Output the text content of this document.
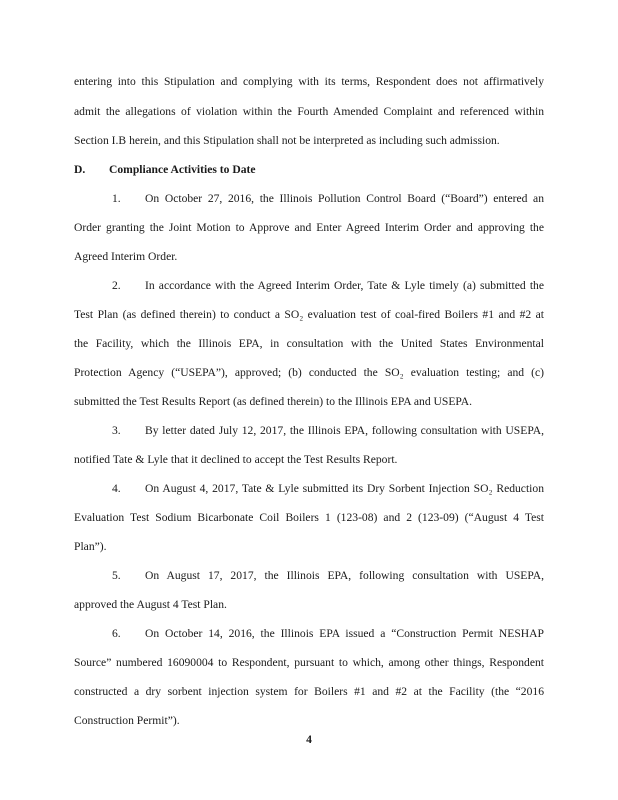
entering into this Stipulation and complying with its terms, Respondent does not affirmatively
admit the allegations of violation within the Fourth Amended Complaint and referenced within
Section I.B herein, and this Stipulation shall not be interpreted as including such admission.
D. Compliance Activities to Date
1. On October 27, 2016, the Illinois Pollution Control Board (“Board”) entered an
Order granting the Joint Motion to Approve and Enter Agreed Interim Order and approving the
Agreed Interim Order.
2. In accordance with the Agreed Interim Order, Tate & Lyle timely (a) submitted the
Test Plan (as defined therein) to conduct a SO₂ evaluation test of coal-fired Boilers #1 and #2 at
the Facility, which the Illinois EPA, in consultation with the United States Environmental
Protection Agency (“USEPA”), approved; (b) conducted the SO₂ evaluation testing; and (c)
submitted the Test Results Report (as defined therein) to the Illinois EPA and USEPA.
3. By letter dated July 12, 2017, the Illinois EPA, following consultation with USEPA,
notified Tate & Lyle that it declined to accept the Test Results Report.
4. On August 4, 2017, Tate & Lyle submitted its Dry Sorbent Injection SO₂ Reduction
Evaluation Test Sodium Bicarbonate Coil Boilers 1 (123-08) and 2 (123-09) (“August 4 Test
Plan”).
5. On August 17, 2017, the Illinois EPA, following consultation with USEPA,
approved the August 4 Test Plan.
6. On October 14, 2016, the Illinois EPA issued a “Construction Permit NESHAP
Source” numbered 16090004 to Respondent, pursuant to which, among other things, Respondent
constructed a dry sorbent injection system for Boilers #1 and #2 at the Facility (the “2016
Construction Permit”).
4
